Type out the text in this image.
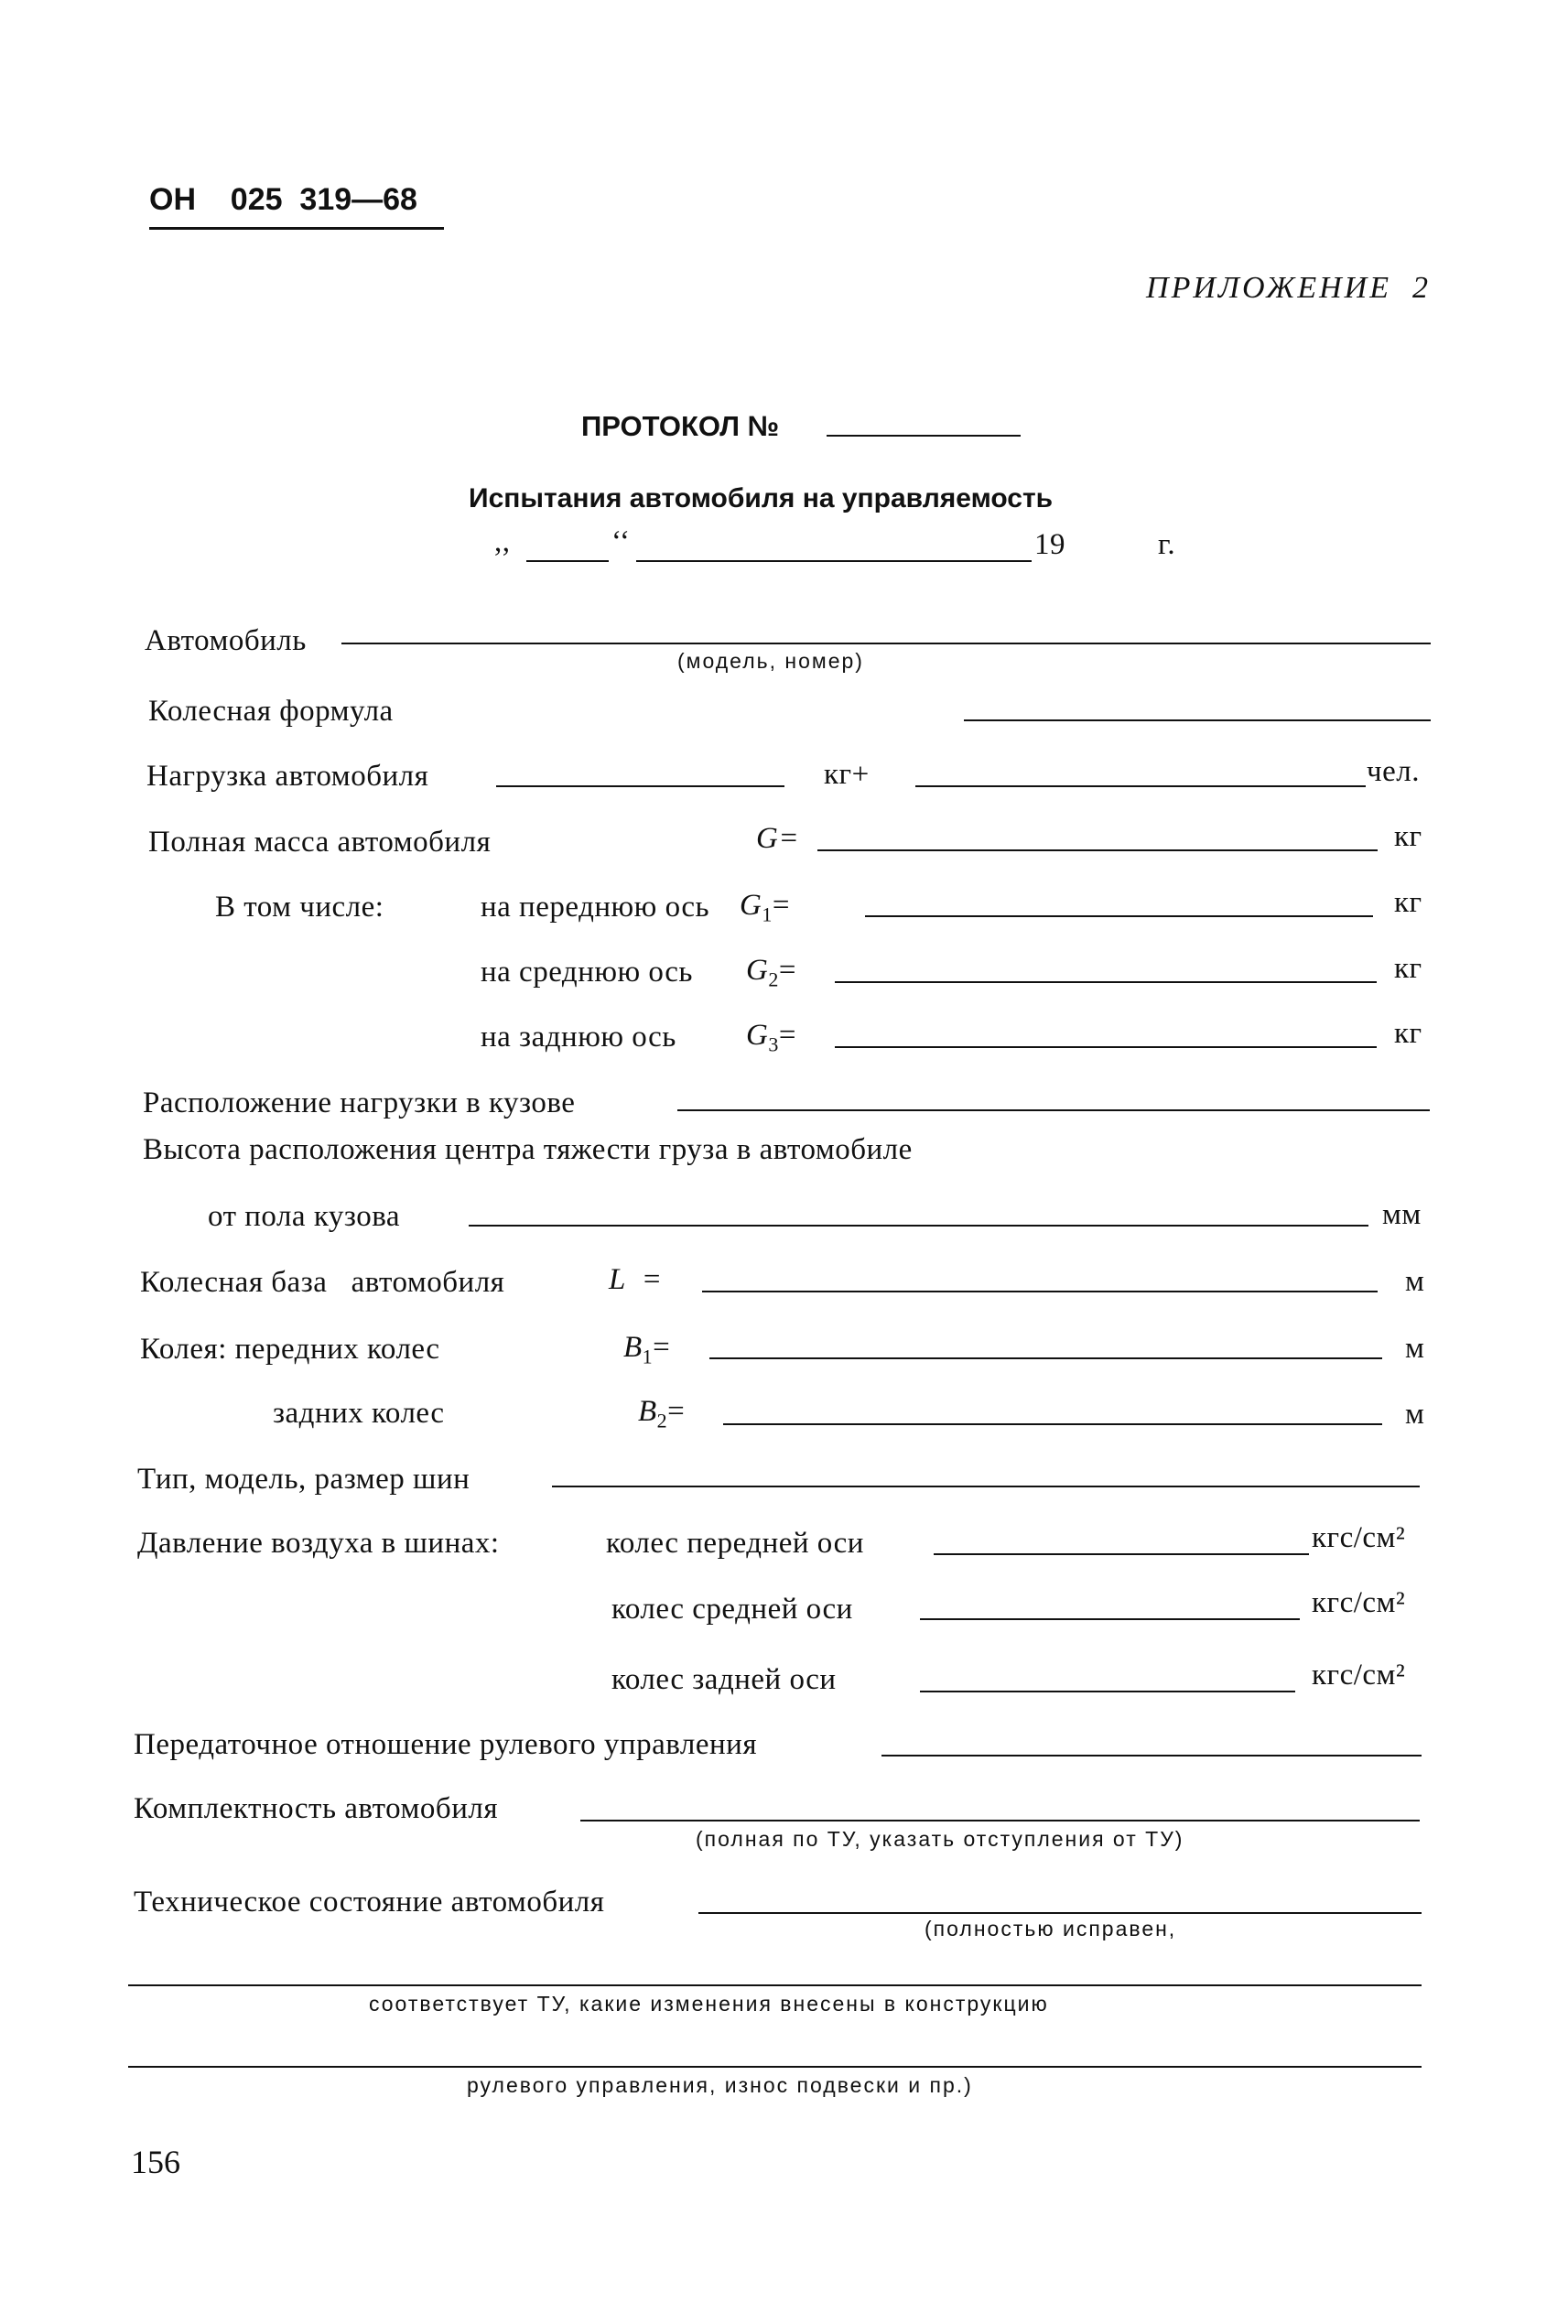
ОН    025  319—68
ПРИЛОЖЕНИЕ  2
ПРОТОКОЛ №
Испытания автомобиля на управляемость
,,	‘‘	19	г.
Автомобиль
(модель, номер)
Колесная формула
Нагрузка автомобиля	кг+	чел.
Полная масса автомобиля	G=	кг
В том числе:	на переднюю ось $G_1=$	кг
на среднюю ось $G_2=$	кг
на заднюю ось $G_3=$	кг
Расположение нагрузки в кузове
Высота расположения центра тяжести груза в автомобиле
от пола кузова	мм
Колесная база   автомобиля	L  =	м
Колея: передних колес	$B_1=$	м
задних колес	$B_2=$	м
Тип, модель, размер шин
Давление воздуха в шинах:	колес передней оси	кгс/см²
колес средней оси	кгс/см²
колес задней оси	кгс/см²
Передаточное отношение рулевого управления
Комплектность автомобиля
(полная по ТУ, указать отступления от ТУ)
Техническое состояние автомобиля
(полностью исправен,
соответствует ТУ, какие изменения внесены в конструкцию
рулевого управления, износ подвески и пр.)
156
